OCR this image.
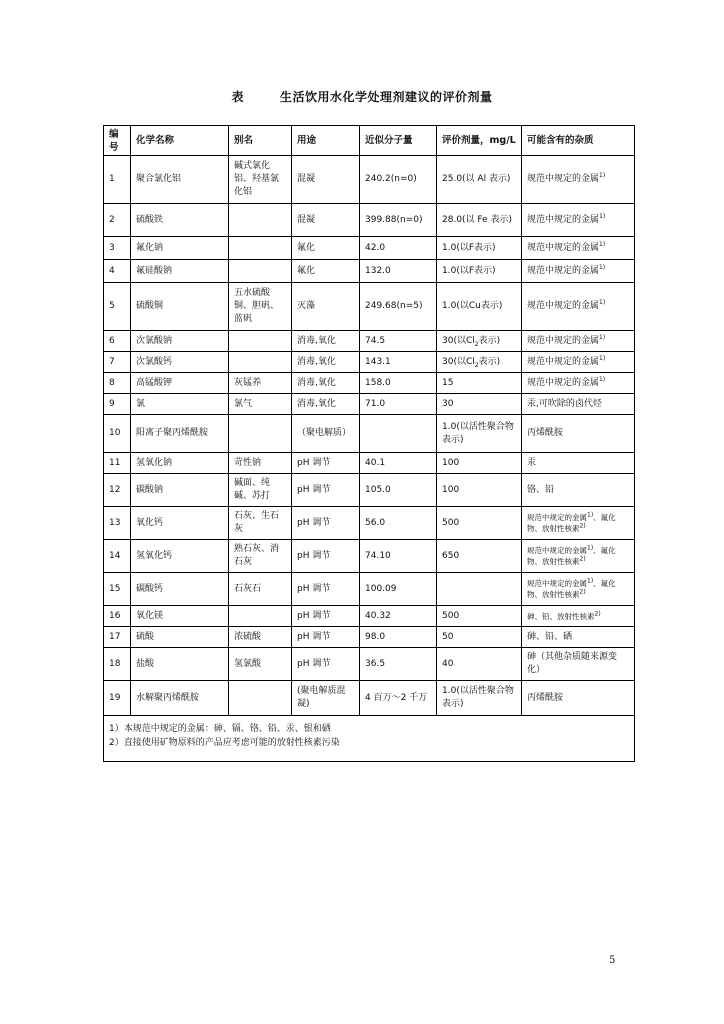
表	生活饮用水化学处理剂建议的评价剂量
编号	化学名称	别名	用途	近似分子量	评价剂量，mg/L	可能含有的杂质
1	聚合氯化铝	碱式氯化铝、羟基氯化铝	混凝	240.2(n=0)	25.0(以 Al 表示)	规范中规定的金属$^{1)}$
2	硫酸铁		混凝	399.88(n=0)	28.0(以 Fe 表示)	规范中规定的金属$^{1)}$
3	氟化钠		氟化	42.0	1.0(以F表示)	规范中规定的金属$^{1)}$
4	氟硅酸钠		氟化	132.0	1.0(以F表示)	规范中规定的金属$^{1)}$
5	硫酸铜	五水硫酸铜、胆矾、蓝矾	灭藻	249.68(n=5)	1.0(以Cu表示)	规范中规定的金属$^{1)}$
6	次氯酸钠		消毒,氧化	74.5	30(以$Cl_2$表示)	规范中规定的金属$^{1)}$
7	次氯酸钙		消毒,氧化	143.1	30(以$Cl_2$表示)	规范中规定的金属$^{1)}$
8	高锰酸钾	灰锰养	消毒,氧化	158.0	15	规范中规定的金属$^{1)}$
9	氯	氯气	消毒,氧化	71.0	30	汞,可吹除的卤代烃
10	阳离子聚丙烯酰胺		（聚电解质）		1.0(以活性聚合物表示)	丙烯酰胺
11	氢氧化钠	苛性钠	pH 调节	40.1	100	汞
12	碳酸钠	碱面、纯碱、苏打	pH 调节	105.0	100	铬、铅
13	氧化钙	石灰、生石灰	pH 调节	56.0	500	规范中规定的金属$^{1)}$、氟化物、放射性核素$^{2)}$
14	氢氧化钙	熟石灰、消石灰	pH 调节	74.10	650	规范中规定的金属$^{1)}$、氟化物、放射性核素$^{2)}$
15	碳酸钙	石灰石	pH 调节	100.09		规范中规定的金属$^{1)}$、氟化物、放射性核素$^{2)}$
16	氧化镁		pH 调节	40.32	500	砷、铅、放射性核素$^{2)}$
17	硫酸	浓硫酸	pH 调节	98.0	50	砷、铅、硒
18	盐酸	氢氯酸	pH 调节	36.5	40	砷（其他杂质随来源变化）
19	水解聚丙烯酰胺		(聚电解质混凝)	4 百万～2 千万	1.0(以活性聚合物表示)	丙烯酰胺

1）本规范中规定的金属：砷、镉、铬、铅、汞、银和硒
2）直接使用矿物原料的产品应考虑可能的放射性核素污染						
5
